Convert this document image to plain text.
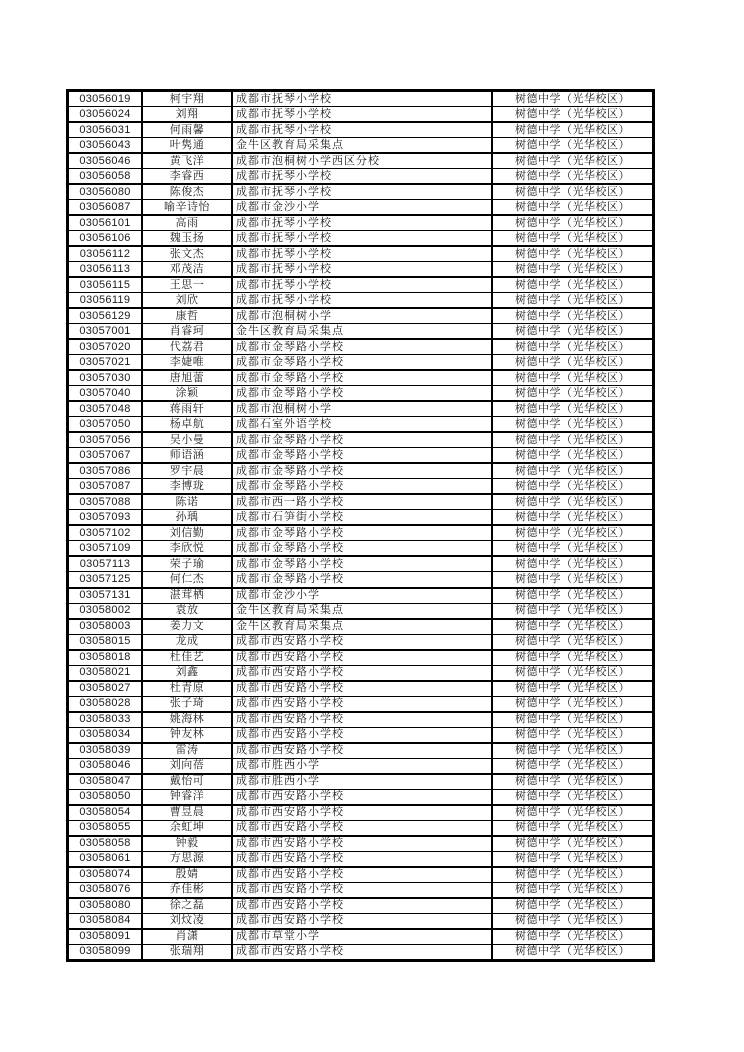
03056019	柯宇翔	成都市抚琴小学校	树德中学（光华校区）
03056024	刘翔	成都市抚琴小学校	树德中学（光华校区）
03056031	何雨馨	成都市抚琴小学校	树德中学（光华校区）
03056043	叶隽通	金牛区教育局采集点	树德中学（光华校区）
03056046	黄飞洋	成都市泡桐树小学西区分校	树德中学（光华校区）
03056058	李睿西	成都市抚琴小学校	树德中学（光华校区）
03056080	陈俊杰	成都市抚琴小学校	树德中学（光华校区）
03056087	喻辛诗怡	成都市金沙小学	树德中学（光华校区）
03056101	高雨	成都市抚琴小学校	树德中学（光华校区）
03056106	魏玉扬	成都市抚琴小学校	树德中学（光华校区）
03056112	张文杰	成都市抚琴小学校	树德中学（光华校区）
03056113	邓茂洁	成都市抚琴小学校	树德中学（光华校区）
03056115	王思一	成都市抚琴小学校	树德中学（光华校区）
03056119	刘欣	成都市抚琴小学校	树德中学（光华校区）
03056129	康哲	成都市泡桐树小学	树德中学（光华校区）
03057001	肖睿珂	金牛区教育局采集点	树德中学（光华校区）
03057020	代荔君	成都市金琴路小学校	树德中学（光华校区）
03057021	李婕唯	成都市金琴路小学校	树德中学（光华校区）
03057030	唐旭蕾	成都市金琴路小学校	树德中学（光华校区）
03057040	涂颖	成都市金琴路小学校	树德中学（光华校区）
03057048	蒋雨轩	成都市泡桐树小学	树德中学（光华校区）
03057050	杨卓航	成都石室外语学校	树德中学（光华校区）
03057056	吴小曼	成都市金琴路小学校	树德中学（光华校区）
03057067	师语涵	成都市金琴路小学校	树德中学（光华校区）
03057086	罗宇晨	成都市金琴路小学校	树德中学（光华校区）
03057087	李博珑	成都市金琴路小学校	树德中学（光华校区）
03057088	陈诺	成都市西一路小学校	树德中学（光华校区）
03057093	孙瑀	成都市石笋街小学校	树德中学（光华校区）
03057102	刘信勤	成都市金琴路小学校	树德中学（光华校区）
03057109	李欣悦	成都市金琴路小学校	树德中学（光华校区）
03057113	荣子瑜	成都市金琴路小学校	树德中学（光华校区）
03057125	何仁杰	成都市金琴路小学校	树德中学（光华校区）
03057131	湛茸栖	成都市金沙小学	树德中学（光华校区）
03058002	袁放	金牛区教育局采集点	树德中学（光华校区）
03058003	姜力文	金牛区教育局采集点	树德中学（光华校区）
03058015	龙成	成都市西安路小学校	树德中学（光华校区）
03058018	杜佳艺	成都市西安路小学校	树德中学（光华校区）
03058021	刘鑫	成都市西安路小学校	树德中学（光华校区）
03058027	杜青原	成都市西安路小学校	树德中学（光华校区）
03058028	张子琦	成都市西安路小学校	树德中学（光华校区）
03058033	姚海林	成都市西安路小学校	树德中学（光华校区）
03058034	钟友林	成都市西安路小学校	树德中学（光华校区）
03058039	雷涛	成都市西安路小学校	树德中学（光华校区）
03058046	刘向蓓	成都市胜西小学	树德中学（光华校区）
03058047	戴怡可	成都市胜西小学	树德中学（光华校区）
03058050	钟睿洋	成都市西安路小学校	树德中学（光华校区）
03058054	曹昱晨	成都市西安路小学校	树德中学（光华校区）
03058055	余虹坤	成都市西安路小学校	树德中学（光华校区）
03058058	钟毅	成都市西安路小学校	树德中学（光华校区）
03058061	方思源	成都市西安路小学校	树德中学（光华校区）
03058074	殷婧	成都市西安路小学校	树德中学（光华校区）
03058076	乔佳彬	成都市西安路小学校	树德中学（光华校区）
03058080	徐之磊	成都市西安路小学校	树德中学（光华校区）
03058084	刘炆凌	成都市西安路小学校	树德中学（光华校区）
03058091	肖潇	成都市草堂小学	树德中学（光华校区）
03058099	张瑞翔	成都市西安路小学校	树德中学（光华校区）
